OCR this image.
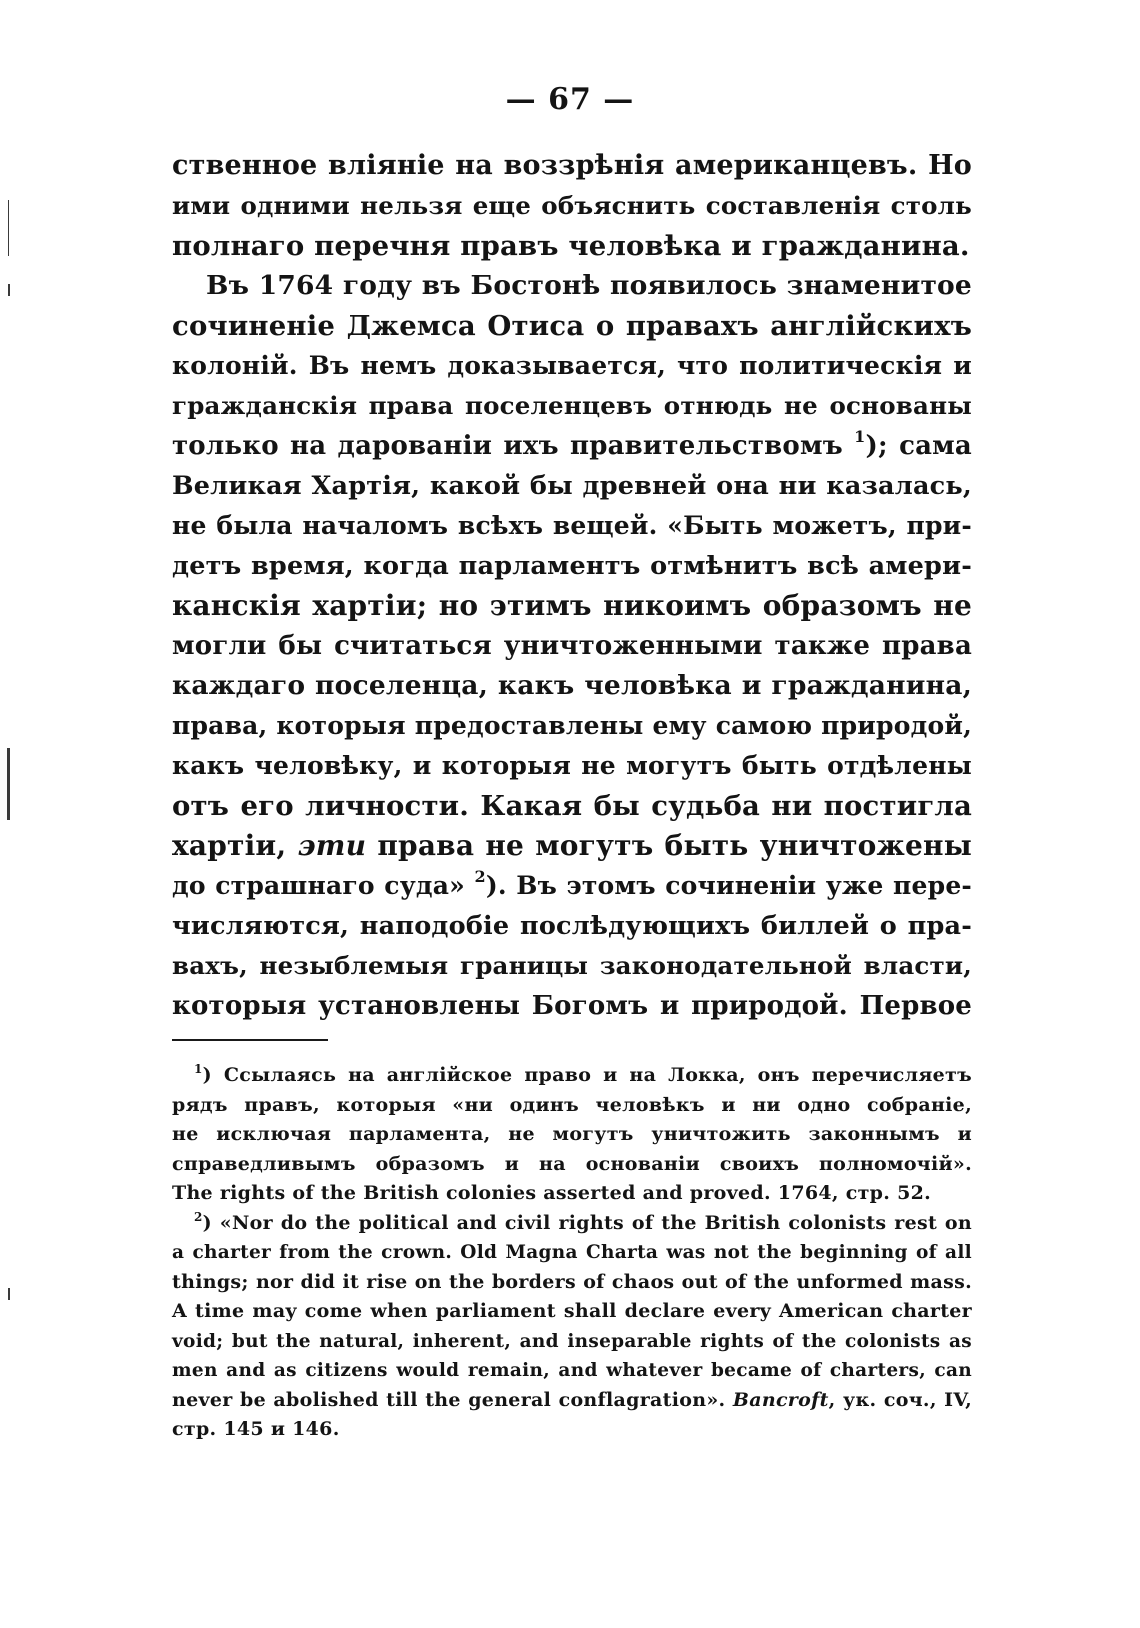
— 67 —
ственное вліяніе на воззрѣнія американцевъ. Но
ими одними нельзя еще объяснить составленія столь
полнаго перечня правъ человѣка и гражданина.
Въ 1764 году въ Бостонѣ появилось знаменитое
сочиненіе Джемса Отиса о правахъ англійскихъ
колоній. Въ немъ доказывается, что политическія и
гражданскія права поселенцевъ отнюдь не основаны
только на дарованіи ихъ правительствомъ $^1$); сама
Великая Хартія, какой бы древней она ни казалась,
не была началомъ всѣхъ вещей. «Быть можетъ, при-
детъ время, когда парламентъ отмѣнитъ всѣ амери-
канскія хартіи; но этимъ никоимъ образомъ не
могли бы считаться уничтоженными также права
каждаго поселенца, какъ человѣка и гражданина,
права, которыя предоставлены ему самою природой,
какъ человѣку, и которыя не могутъ быть отдѣлены
отъ его личности. Какая бы судьба ни постигла
хартіи, эти права не могутъ быть уничтожены
до страшнаго суда» $^2$). Въ этомъ сочиненіи уже пере-
числяются, наподобіе послѣдующихъ биллей о пра-
вахъ, незыблемыя границы законодательной власти,
которыя установлены Богомъ и природой. Первое
$^1$) Ссылаясь на англійское право и на Локка, онъ перечисляетъ
рядъ правъ, которыя «ни одинъ человѣкъ и ни одно собраніе,
не исключая парламента, не могутъ уничтожить законнымъ и
справедливымъ образомъ и на основаніи своихъ полномочій».
The rights of the British colonies asserted and proved. 1764, стр. 52.
$^2$) «Nor do the political and civil rights of the British colonists rest on
a charter from the crown. Old Magna Charta was not the beginning of all
things; nor did it rise on the borders of chaos out of the unformed mass.
A time may come when parliament shall declare every American charter
void; but the natural, inherent, and inseparable rights of the colonists as
men and as citizens would remain, and whatever became of charters, can
never be abolished till the general conflagration». Bancroft, ук. соч., IV,
стр. 145 и 146.
